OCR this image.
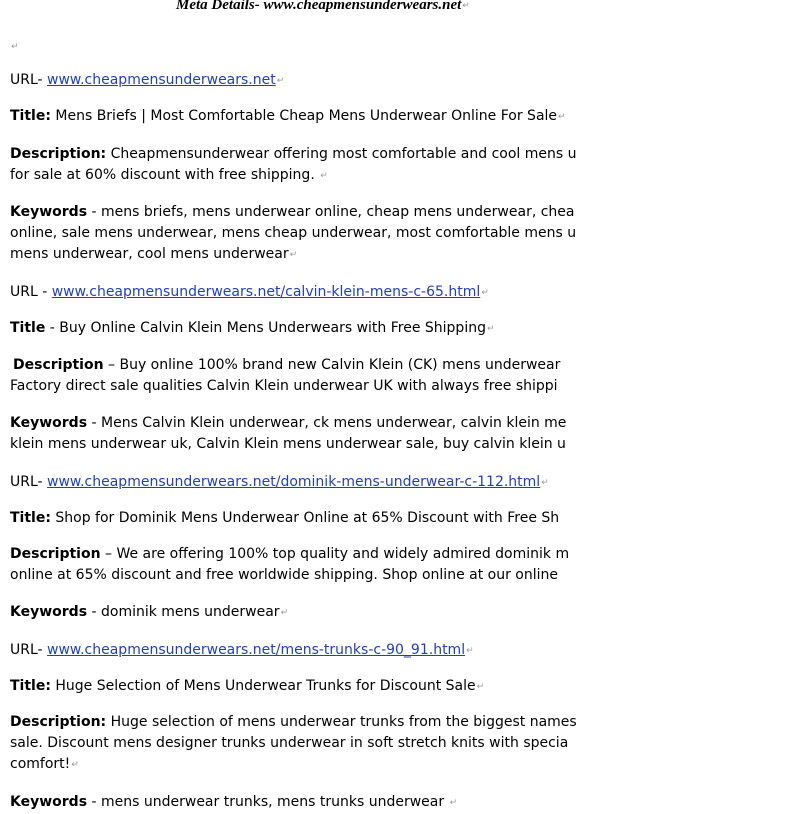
Meta Details- www.cheapmensunderwears.net↵
↵
URL- www.cheapmensunderwears.net↵
Title: Mens Briefs | Most Comfortable Cheap Mens Underwear Online For Sale↵
Description: Cheapmensunderwear offering most comfortable and cool mens u
for sale at 60% discount with free shipping. ↵
Keywords - mens briefs, mens underwear online, cheap mens underwear, chea
online, sale mens underwear, mens cheap underwear, most comfortable mens u
mens underwear, cool mens underwear↵
URL - www.cheapmensunderwears.net/calvin-klein-mens-c-65.html↵
Title - Buy Online Calvin Klein Mens Underwears with Free Shipping↵
Description – Buy online 100% brand new Calvin Klein (CK) mens underwear
Factory direct sale qualities Calvin Klein underwear UK with always free shippi
Keywords - Mens Calvin Klein underwear, ck mens underwear, calvin klein me
klein mens underwear uk, Calvin Klein mens underwear sale, buy calvin klein u
URL- www.cheapmensunderwears.net/dominik-mens-underwear-c-112.html↵
Title: Shop for Dominik Mens Underwear Online at 65% Discount with Free Sh
Description – We are offering 100% top quality and widely admired dominik m
online at 65% discount and free worldwide shipping. Shop online at our online
Keywords - dominik mens underwear↵
URL- www.cheapmensunderwears.net/mens-trunks-c-90_91.html↵
Title: Huge Selection of Mens Underwear Trunks for Discount Sale↵
Description: Huge selection of mens underwear trunks from the biggest names
sale. Discount mens designer trunks underwear in soft stretch knits with specia
comfort!↵
Keywords - mens underwear trunks, mens trunks underwear ↵
